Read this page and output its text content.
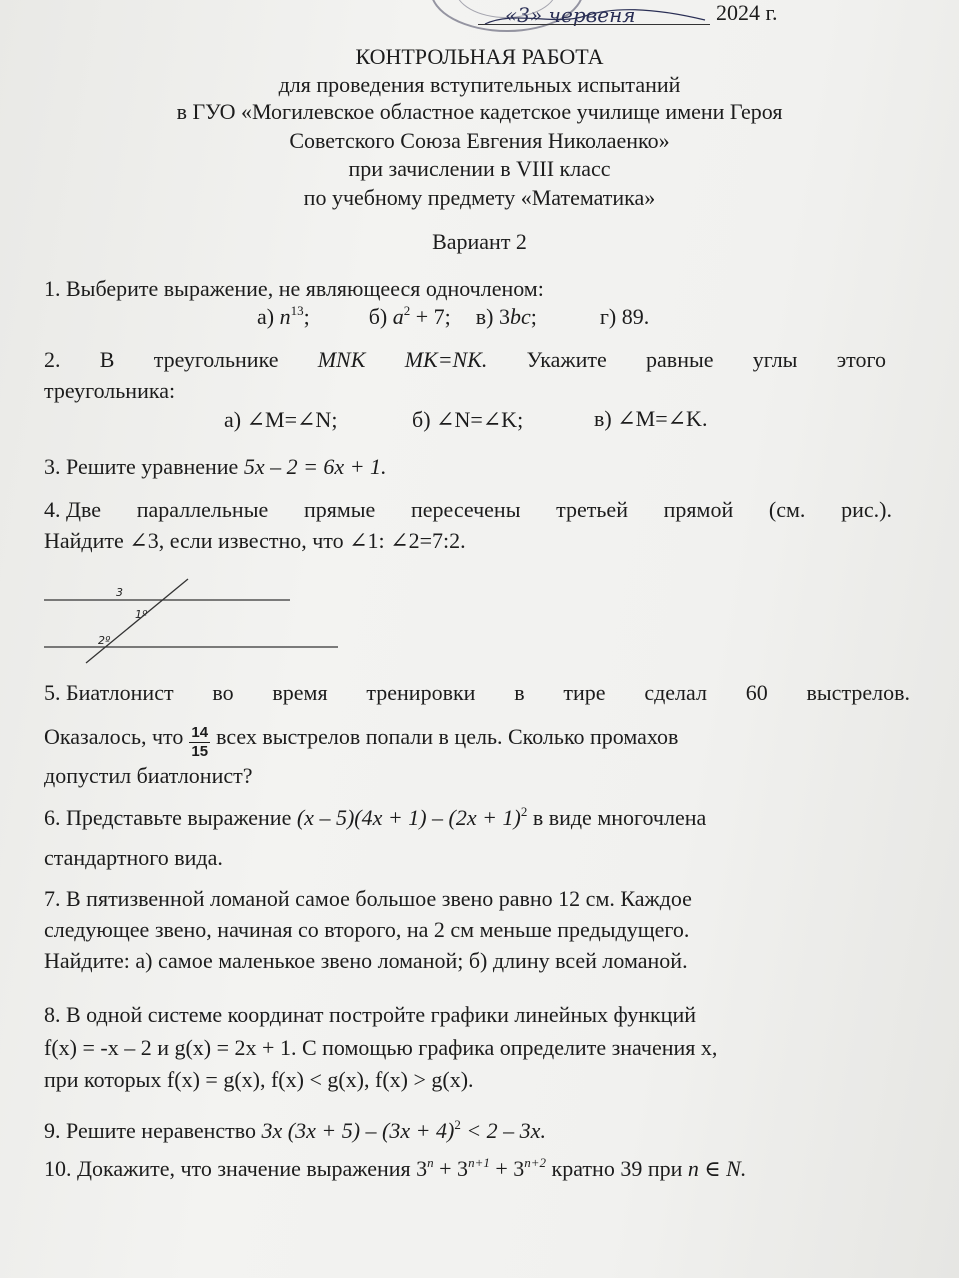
«3» червеня	2024 г.
КОНТРОЛЬНАЯ РАБОТА
для проведения вступительных испытаний
в ГУО «Могилевское областное кадетское училище имени Героя
Советского Союза Евгения Николаенко»
при зачислении в VIII класс
по учебному предмету «Математика»
Вариант 2
1. Выберите выражение, не являющееся одночленом:
а) $n^{13}$;	б) $a^2 + 7$; в) 3bc;	г) 89.
2. В треугольнике MNK MK=NK. Укажите равные углы этого
треугольника:
а) ∠M=∠N;	б) ∠N=∠K;	в) ∠M=∠K.
3. Решите уравнение 5x – 2 = 6x + 1.
4. Две параллельные прямые пересечены третьей прямой (см. рис.).
Найдите ∠3, если известно, что ∠1: ∠2=7:2.
3
1º
2º
5. Биатлонист во время тренировки в тире сделал 60 выстрелов.
Оказалось, что $\frac{14}{15}$ всех выстрелов попали в цель. Сколько промахов
допустил биатлонист?
6. Представьте выражение $(x - 5)(4x + 1) - (2x + 1)^2$ в виде многочлена
стандартного вида.
7. В пятизвенной ломаной самое большое звено равно 12 см. Каждое
следующее звено, начиная со второго, на 2 см меньше предыдущего.
Найдите: а) самое маленькое звено ломаной; б) длину всей ломаной.
8. В одной системе координат постройте графики линейных функций
f(x) = -x – 2 и g(x) = 2x + 1. С помощью графика определите значения x,
при которых f(x) = g(x), f(x) < g(x), f(x) > g(x).
9. Решите неравенство 3x $(3x + 5) - (3x + 4)^2 < 2 - 3x$.
10. Докажите, что значение выражения $3^n + 3^{n+1} + 3^{n+2}$ кратно 39 при n ∈ N.
